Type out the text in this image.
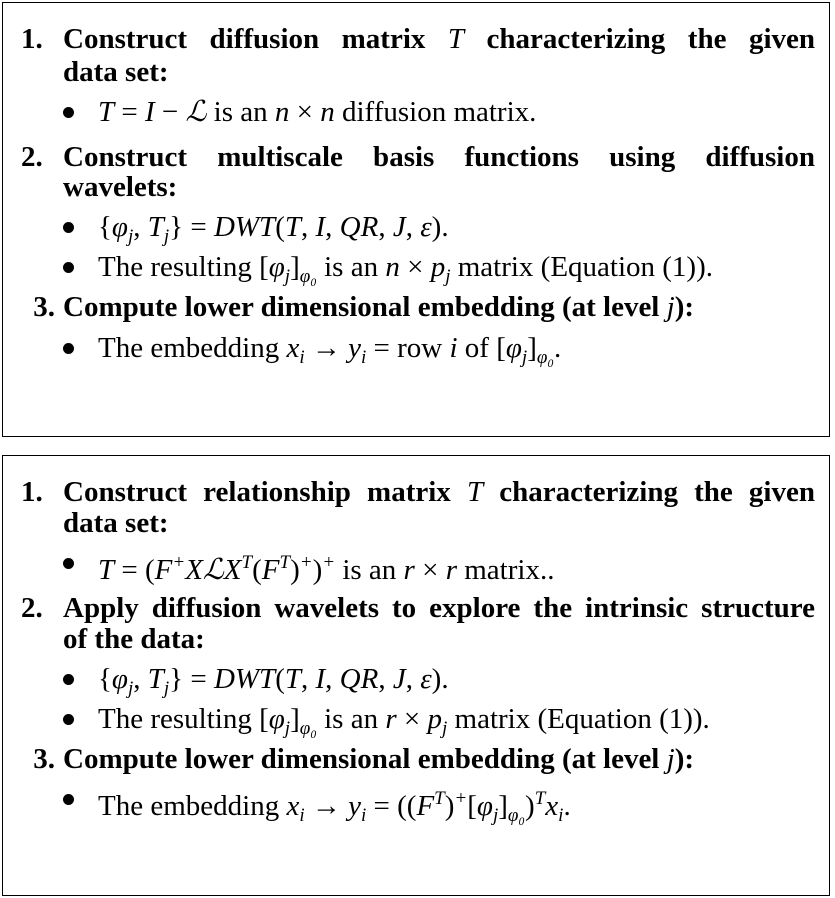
1. Construct diffusion matrix T characterizing the given
data set:
T = I − ℒ is an n × n diffusion matrix.
2. Construct multiscale basis functions using diffusion
wavelets:
{$\varphi_j$, $T_j\} = DWT(T$, I, QR, J, ε).
The resulting $[\varphi_j]_{\varphi_0}$ is an $n \times p_j$ matrix (Equation (1)).
3. Compute lower dimensional embedding (at level j):
The embedding $x_i \to y_i$ = row i of $[\varphi_j]_{\varphi_0}$.
1. Construct relationship matrix T characterizing the given
data set:
$T = (F^+XℒX^T(F^T)^+)^+$ is an r × r matrix..
2. Apply diffusion wavelets to explore the intrinsic structure
of the data:
{$\varphi_j$, $T_j\} = DWT(T$, I, QR, J, ε).
The resulting $[\varphi_j]_{\varphi_0}$ is an $r \times p_j$ matrix (Equation (1)).
3. Compute lower dimensional embedding (at level j):
The embedding $x_i \to y_i = ((F^T)^+[\varphi_j]_{\varphi_0})^Tx_i$.
